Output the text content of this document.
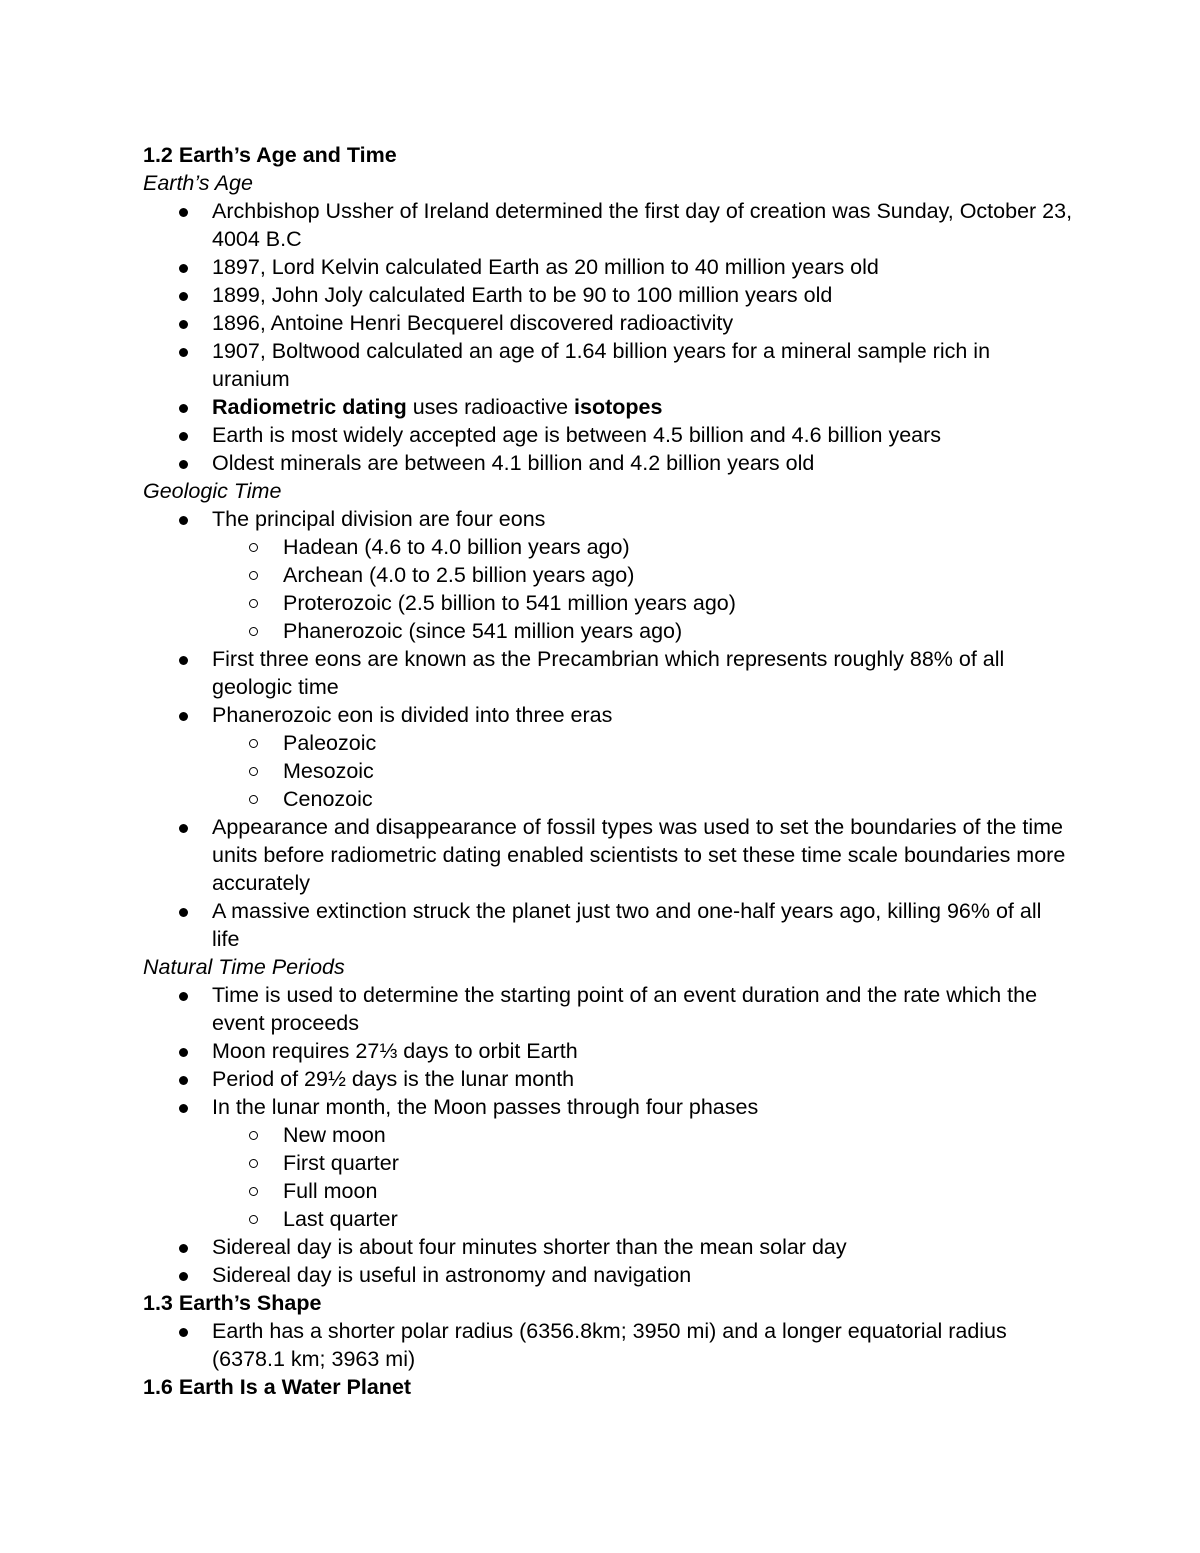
1.2 Earth’s Age and Time
Earth’s Age
Archbishop Ussher of Ireland determined the first day of creation was Sunday, October 23, 4004 B.C
1897, Lord Kelvin calculated Earth as 20 million to 40 million years old
1899, John Joly calculated Earth to be 90 to 100 million years old
1896, Antoine Henri Becquerel discovered radioactivity
1907, Boltwood calculated an age of 1.64 billion years for a mineral sample rich in uranium
Radiometric dating uses radioactive isotopes
Earth is most widely accepted age is between 4.5 billion and 4.6 billion years
Oldest minerals are between 4.1 billion and 4.2 billion years old
Geologic Time
The principal division are four eons
Hadean (4.6 to 4.0 billion years ago)
Archean (4.0 to 2.5 billion years ago)
Proterozoic (2.5 billion to 541 million years ago)
Phanerozoic (since 541 million years ago)
First three eons are known as the Precambrian which represents roughly 88% of all geologic time
Phanerozoic eon is divided into three eras
Paleozoic
Mesozoic
Cenozoic
Appearance and disappearance of fossil types was used to set the boundaries of the time units before radiometric dating enabled scientists to set these time scale boundaries more accurately
A massive extinction struck the planet just two and one-half years ago, killing 96% of all life
Natural Time Periods
Time is used to determine the starting point of an event duration and the rate which the event proceeds
Moon requires 27⅓ days to orbit Earth
Period of 29½ days is the lunar month
In the lunar month, the Moon passes through four phases
New moon
First quarter
Full moon
Last quarter
Sidereal day is about four minutes shorter than the mean solar day
Sidereal day is useful in astronomy and navigation
1.3 Earth’s Shape
Earth has a shorter polar radius (6356.8km; 3950 mi) and a longer equatorial radius (6378.1 km; 3963 mi)
1.6 Earth Is a Water Planet
